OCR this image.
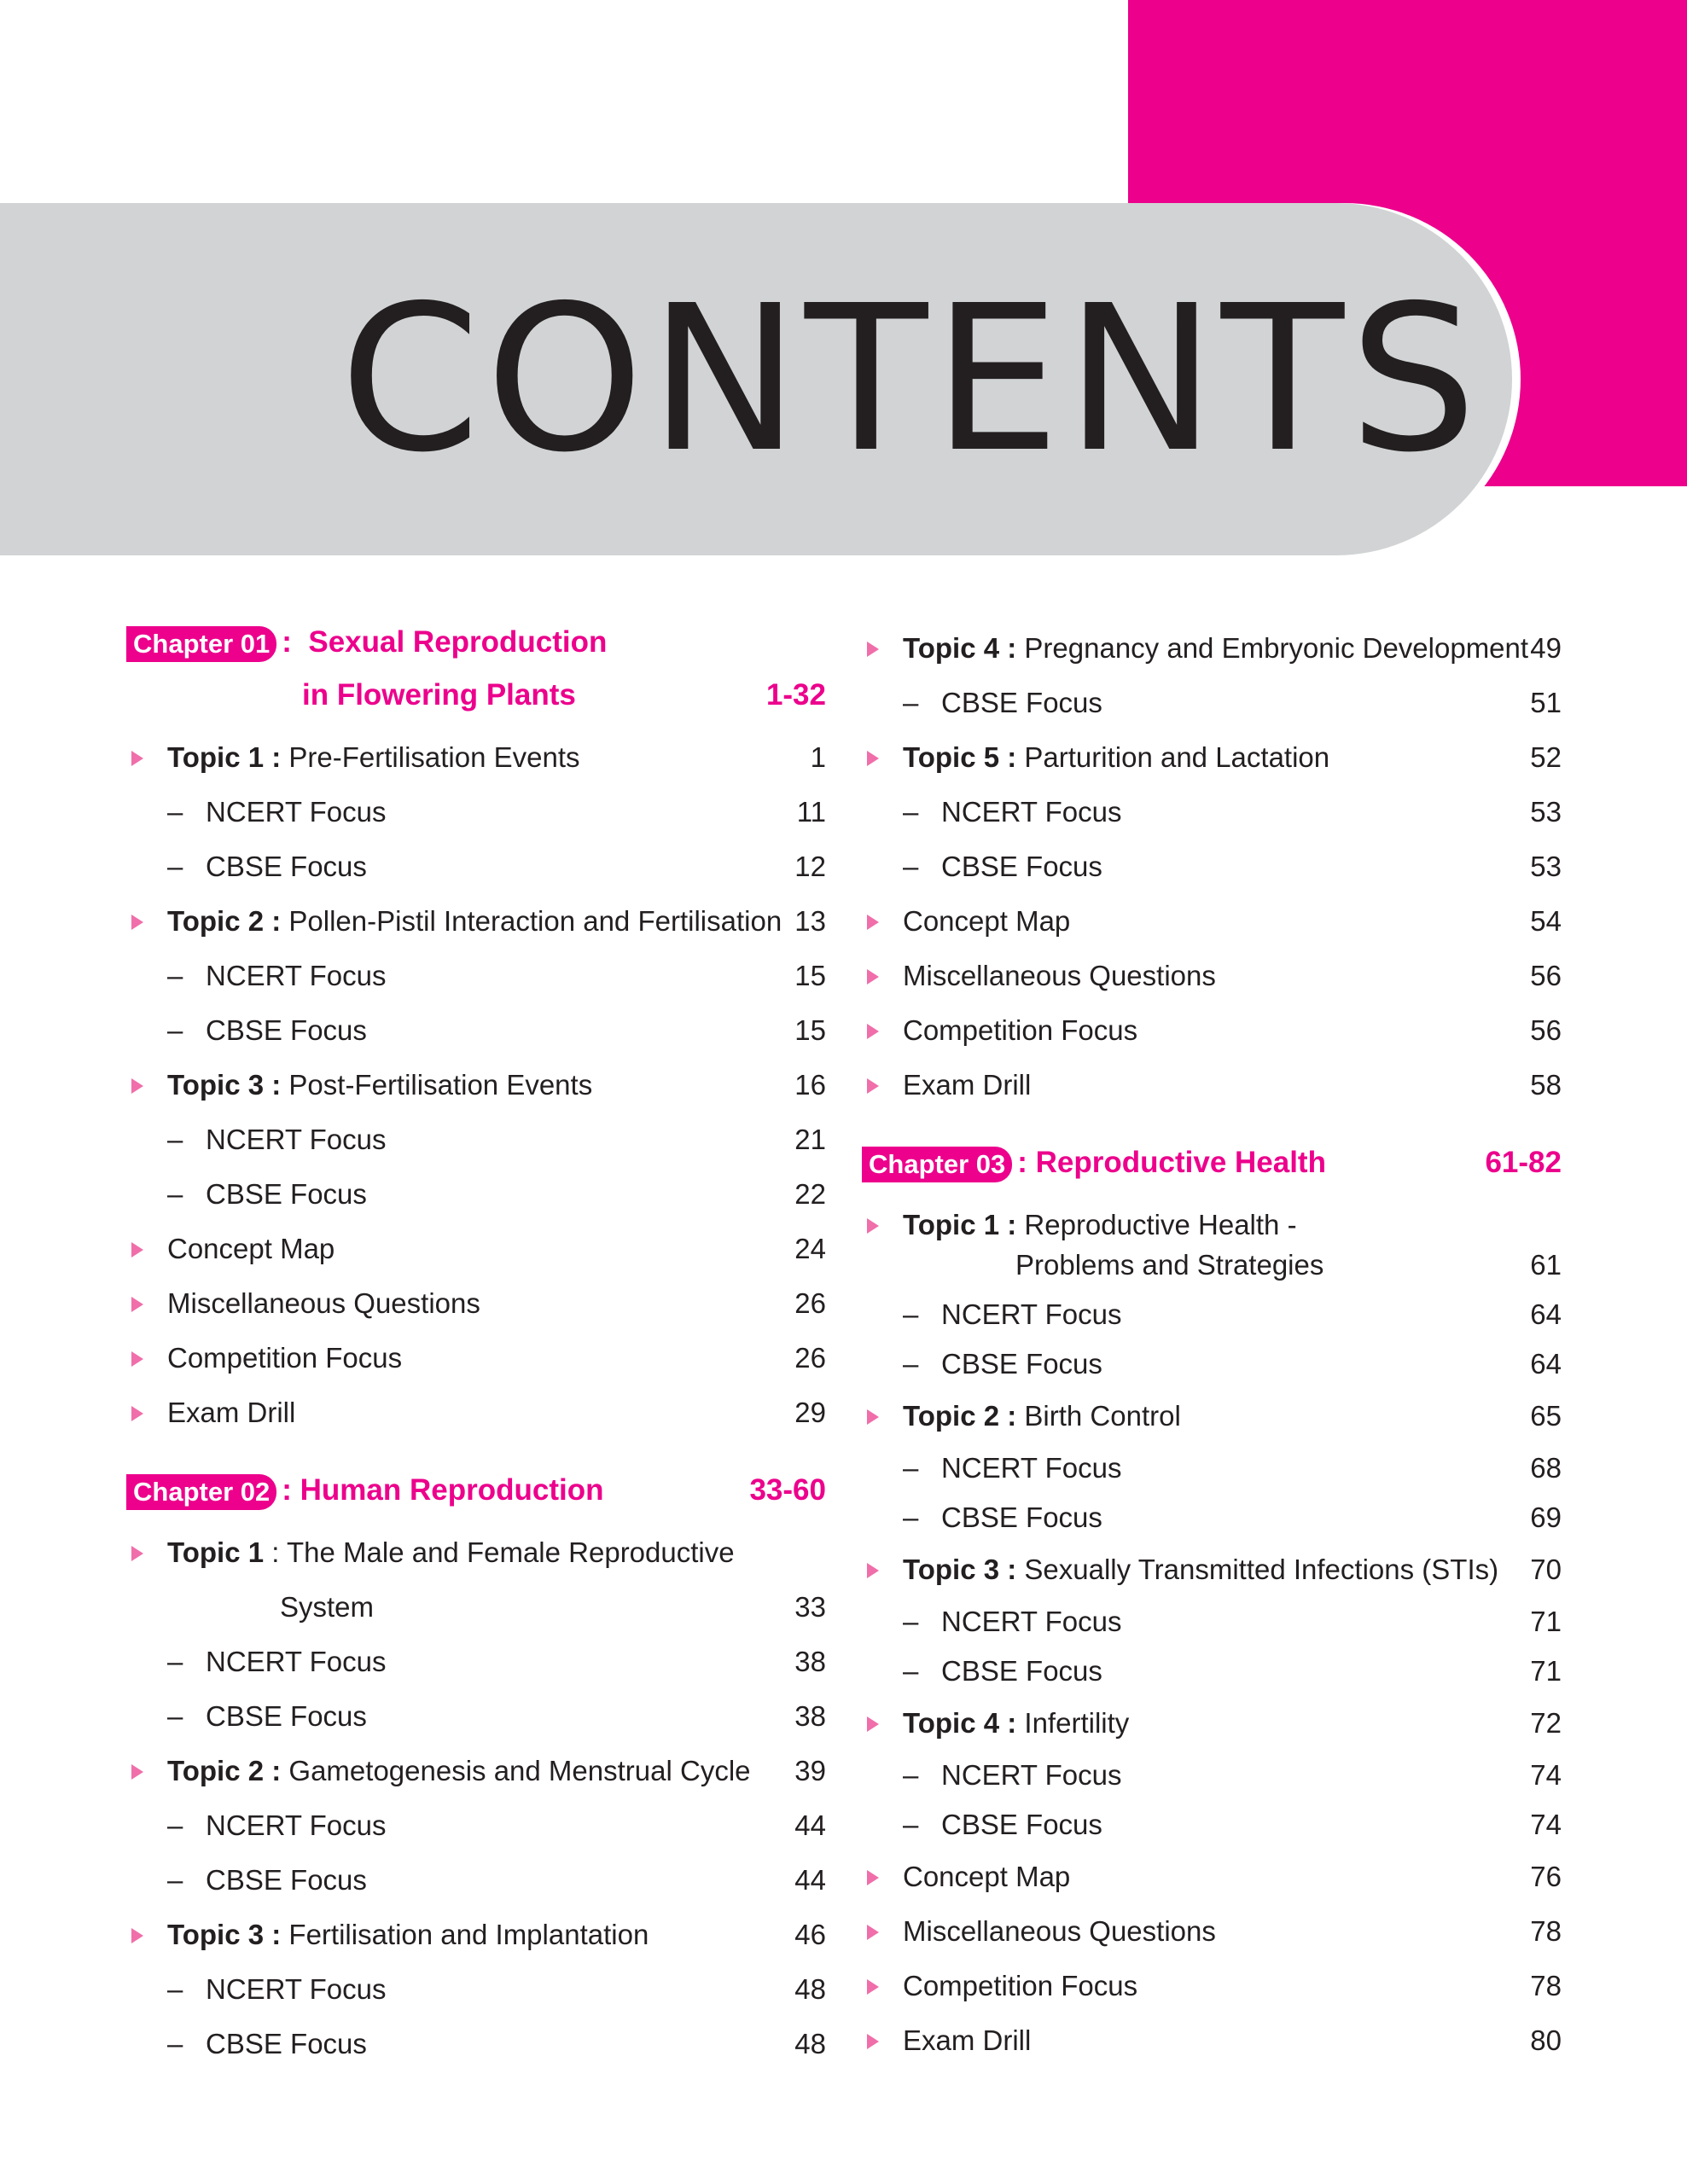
CONTENTS
Chapter 01 : Sexual Reproduction
in Flowering Plants	1-32
Topic 1 : Pre-Fertilisation Events	1
– NCERT Focus	11
– CBSE Focus	12
Topic 2 : Pollen-Pistil Interaction and Fertilisation 13
– NCERT Focus	15
– CBSE Focus	15
Topic 3 : Post-Fertilisation Events	16
– NCERT Focus	21
– CBSE Focus	22
Concept Map	24
Miscellaneous Questions	26
Competition Focus	26
Exam Drill	29
Chapter 02 : Human Reproduction	33-60
Topic 1 : The Male and Female Reproductive
System	33
– NCERT Focus	38
– CBSE Focus	38
Topic 2 : Gametogenesis and Menstrual Cycle 39
– NCERT Focus	44
– CBSE Focus	44
Topic 3 : Fertilisation and Implantation	46
– NCERT Focus	48
– CBSE Focus	48
Topic 4 : Pregnancy and Embryonic Development 49
– CBSE Focus	51
Topic 5 : Parturition and Lactation	52
– NCERT Focus	53
– CBSE Focus	53
Concept Map	54
Miscellaneous Questions	56
Competition Focus	56
Exam Drill	58
Chapter 03 : Reproductive Health	61-82
Topic 1 : Reproductive Health -
Problems and Strategies	61
– NCERT Focus	64
– CBSE Focus	64
Topic 2 : Birth Control	65
– NCERT Focus	68
– CBSE Focus	69
Topic 3 : Sexually Transmitted Infections (STIs) 70
– NCERT Focus	71
– CBSE Focus	71
Topic 4 : Infertility	72
– NCERT Focus	74
– CBSE Focus	74
Concept Map	76
Miscellaneous Questions	78
Competition Focus	78
Exam Drill	80
